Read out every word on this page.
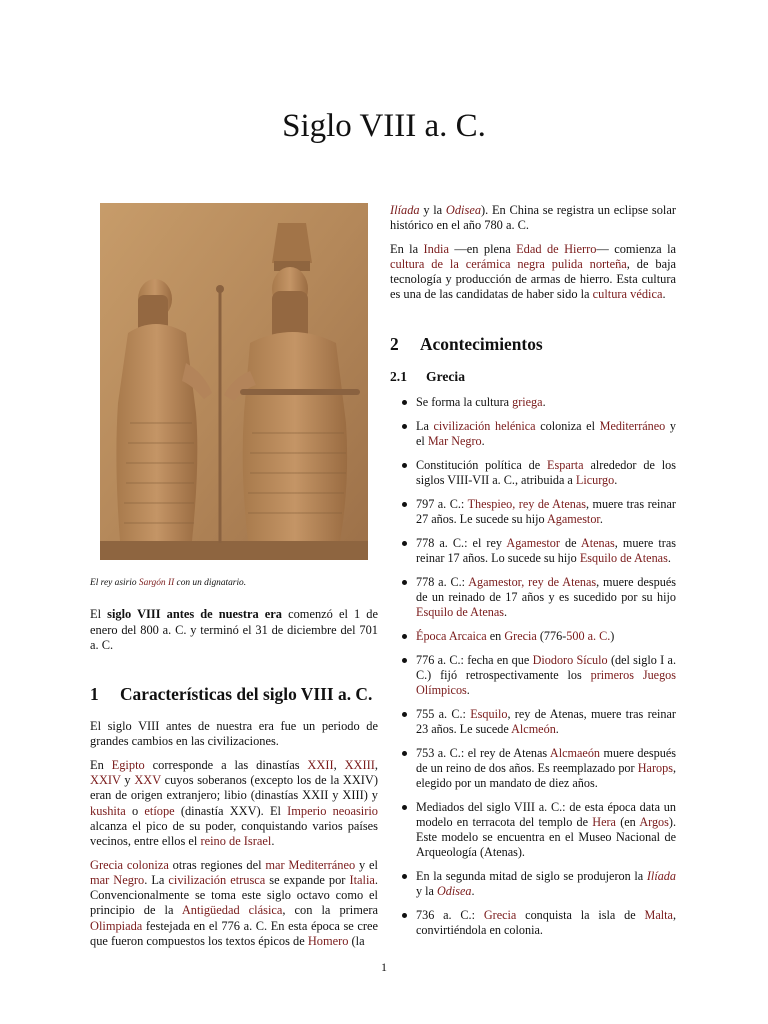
Siglo VIII a. C.

El rey asirio Sargón II con un dignatario.

El siglo VIII antes de nuestra era comenzó el 1 de enero del 800 a. C. y terminó el 31 de diciembre del 701 a. C.

1	Características del siglo VIII a. C.

El siglo VIII antes de nuestra era fue un periodo de grandes cambios en las civilizaciones.

En Egipto corresponde a las dinastías XXII, XXIII, XXIV y XXV cuyos soberanos (excepto los de la XXIV) eran de origen extranjero; libio (dinastías XXII y XIII) y kushita o etíope (dinastía XXV). El Imperio neoasirio alcanza el pico de su poder, conquistando varios países vecinos, entre ellos el reino de Israel.

Grecia coloniza otras regiones del mar Mediterráneo y el mar Negro. La civilización etrusca se expande por Italia. Convencionalmente se toma este siglo octavo como el principio de la Antigüedad clásica, con la primera Olimpiada festejada en el 776 a. C. En esta época se cree que fueron compuestos los textos épicos de Homero (la

Ilíada y la Odisea). En China se registra un eclipse solar histórico en el año 780 a. C.

En la India —en plena Edad de Hierro— comienza la cultura de la cerámica negra pulida norteña, de baja tecnología y producción de armas de hierro. Esta cultura es una de las candidatas de haber sido la cultura védica.

2	Acontecimientos
2.1	Grecia
Se forma la cultura griega.
La civilización helénica coloniza el Mediterráneo y el Mar Negro.
Constitución política de Esparta alrededor de los siglos VIII-VII a. C., atribuida a Licurgo.
797 a. C.: Thespieo, rey de Atenas, muere tras reinar 27 años. Le sucede su hijo Agamestor.
778 a. C.: el rey Agamestor de Atenas, muere tras reinar 17 años. Lo sucede su hijo Esquilo de Atenas.
778 a. C.: Agamestor, rey de Atenas, muere después de un reinado de 17 años y es sucedido por su hijo Esquilo de Atenas.
Época Arcaica en Grecia (776-500 a. C.)
776 a. C.: fecha en que Diodoro Sículo (del siglo I a. C.) fijó retrospectivamente los primeros Juegos Olímpicos.
755 a. C.: Esquilo, rey de Atenas, muere tras reinar 23 años. Le sucede Alcmeón.
753 a. C.: el rey de Atenas Alcmaeón muere después de un reino de dos años. Es reemplazado por Harops, elegido por un mandato de diez años.
Mediados del siglo VIII a. C.: de esta época data un modelo en terracota del templo de Hera (en Argos). Este modelo se encuentra en el Museo Nacional de Arqueología (Atenas).
En la segunda mitad de siglo se produjeron la Ilíada y la Odisea.
736 a. C.: Grecia conquista la isla de Malta, convirtiéndola en colonia.
1
